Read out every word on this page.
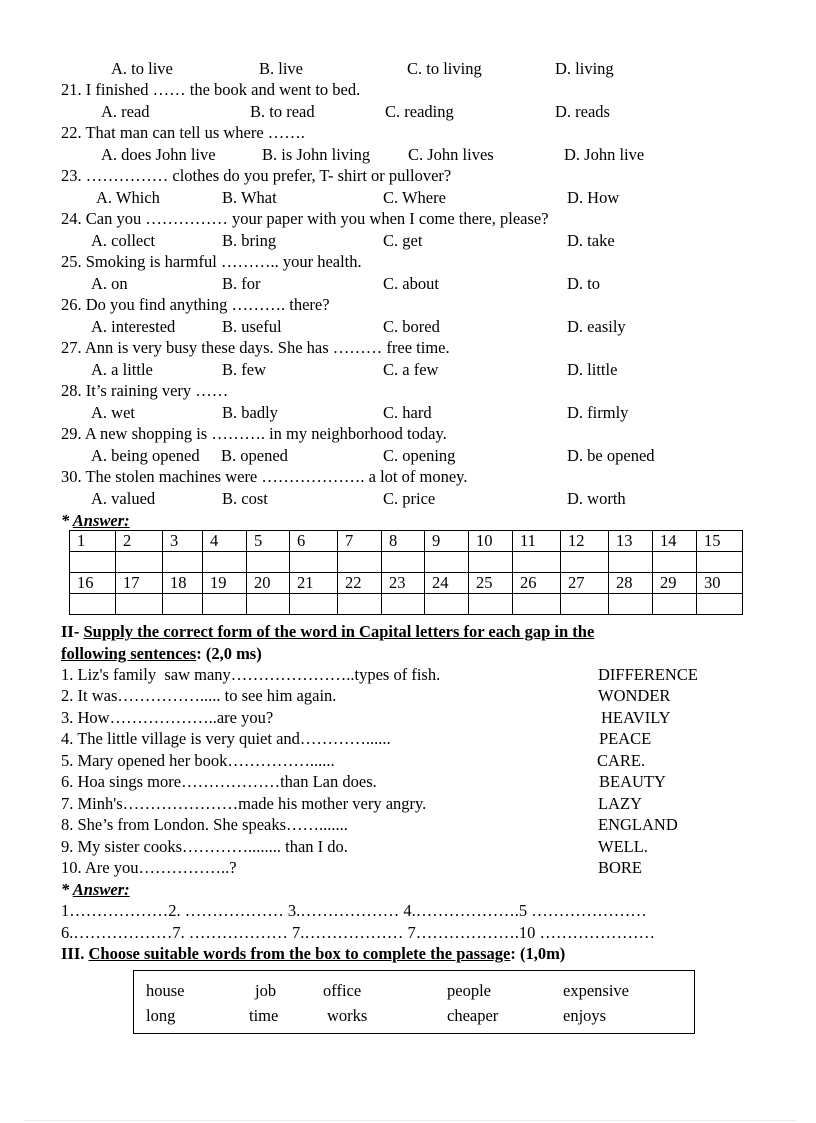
A. to live	B. live	C. to living	D. living
21. I finished …… the book and went to bed.
A. read	B. to read	C. reading	D. reads
22. That man can tell us where …….
A. does John live	B. is John living C. John lives	D. John live
23. …………… clothes do you prefer, T- shirt or pullover?
A. Which	B. What	C. Where	D. How
24. Can you …………… your paper with you when I come there, please?
A. collect	B. bring	C. get	D. take
25. Smoking is harmful ……….. your health.
A. on	B. for	C. about	D. to
26. Do you find anything ………. there?
A. interested	B. useful	C. bored	D. easily
27. Ann is very busy these days. She has ……… free time.
A. a little	B. few	C. a few	D. little
28. It’s raining very ……
A. wet	B. badly	C. hard	D. firmly
29. A new shopping is ………. in my neighborhood today.
A. being opened B. opened	C. opening	D. be opened
30. The stolen machines were ………………. a lot of money.
A. valued	B. cost	C. price	D. worth
* Answer:
1	2	3	4	5	6	7	8	9	10	11	12	13	14	15

16	17	18	19	20	21	22	23	24	25	26	27	28	29	30

II- Supply the correct form of the word in Capital letters for each gap in the
following sentences: (2,0 ms)
1. Liz's family  saw many…………………..types of fish.	DIFFERENCE
2. It was……………..... to see him again.	WONDER
3. How………………..are you?	HEAVILY
4. The little village is very quiet and…………......	PEACE
5. Mary opened her book……………......	CARE.
6. Hoa sings more………………than Lan does.	BEAUTY
7. Minh's…………………made his mother very angry.	LAZY
8. She’s from London. She speaks…….......	ENGLAND
9. My sister cooks…………........ than I do.	WELL.
10. Are you……………..?	BORE
* Answer:
1………………2. ……………… 3.……………… 4.……………….5 …………………
6.………………7. ……………… 7.……………… 7……………….10 …………………
III. Choose suitable words from the box to complete the passage: (1,0m)
house	job	office	people	expensive
long	time	works	cheaper	enjoys
